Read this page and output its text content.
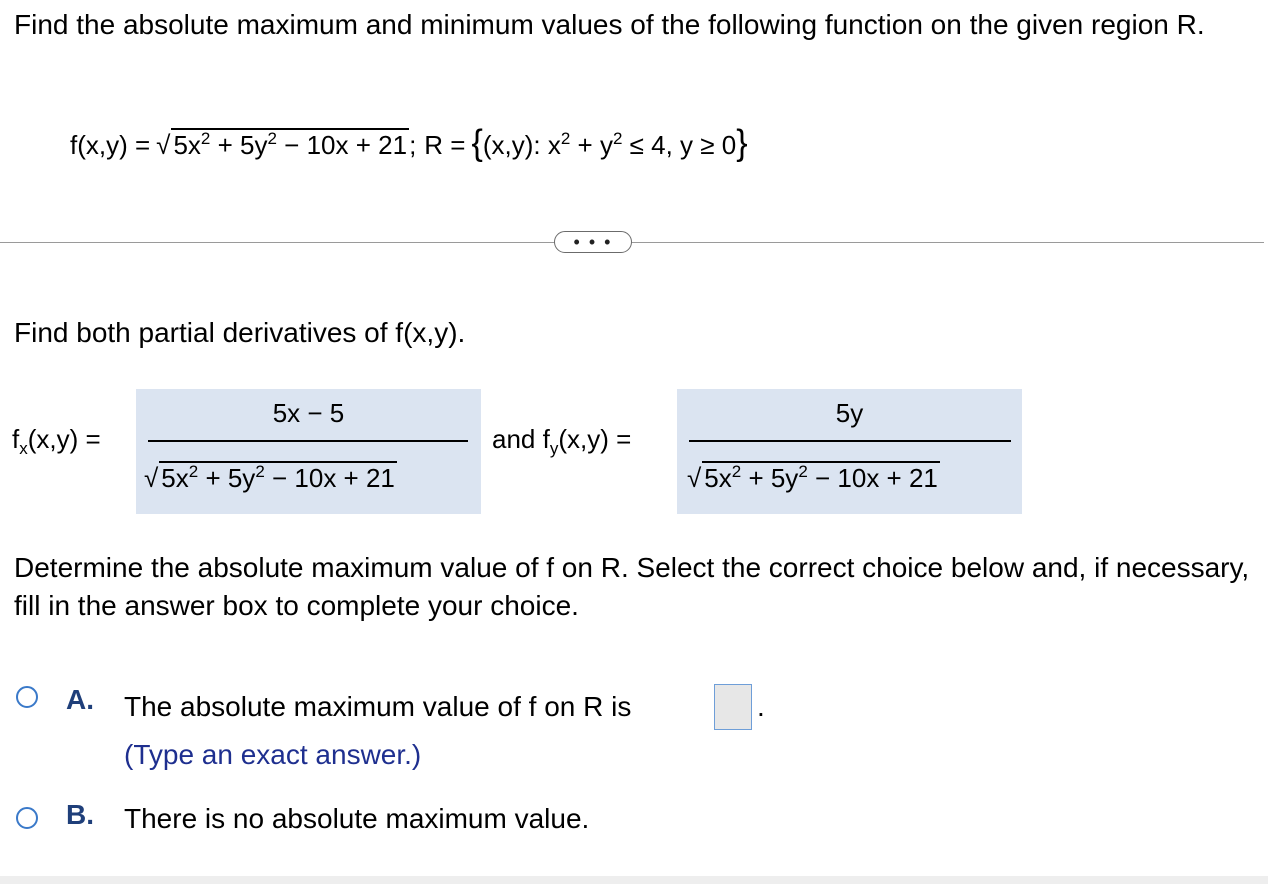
Find the absolute maximum and minimum values of the following function on the given region R.
f(x,y) = √ $5x^2 + 5y^2 - 10x + 21$ ; R = { (x,y): $x^2 + y^2 \le 4$, y ≥ 0 }
• • •
Find both partial derivatives of f(x,y).
$f_x(x,y)$ =
5x − 5
√ $5x^2 + 5y^2 - 10x + 21$
and $f_y(x,y)$ =
5y
√ $5x^2 + 5y^2 - 10x + 21$
Determine the absolute maximum value of f on R. Select the correct choice below and, if necessary, fill in the answer box to complete your choice.
A. The absolute maximum value of f on R is	.
(Type an exact answer.)
B. There is no absolute maximum value.
